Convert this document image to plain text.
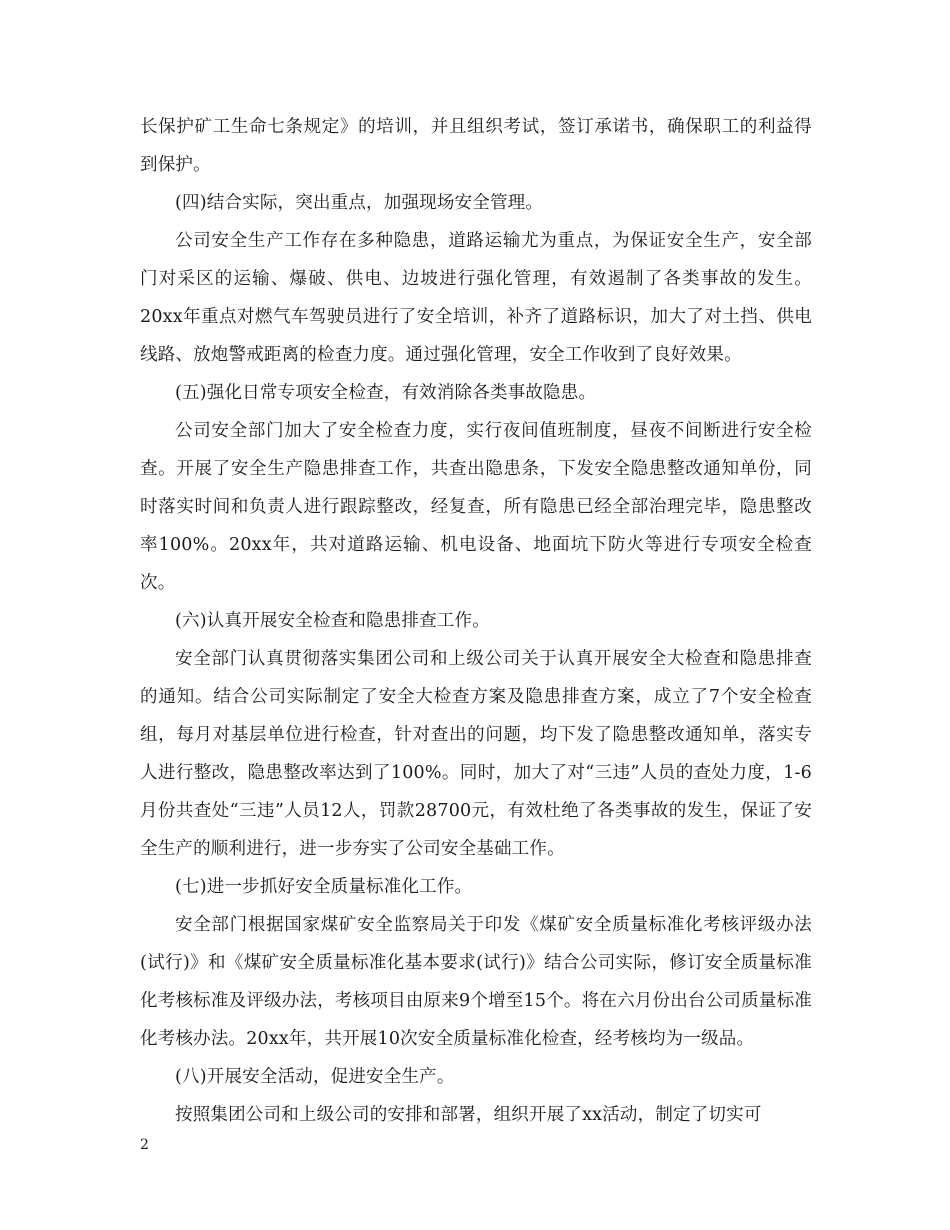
长保护矿工生命七条规定》的培训，并且组织考试，签订承诺书，确保职工的利益得到保护。

(四)结合实际，突出重点，加强现场安全管理。

公司安全生产工作存在多种隐患，道路运输尤为重点，为保证安全生产，安全部门对采区的运输、爆破、供电、边坡进行强化管理，有效遏制了各类事故的发生。20xx年重点对燃气车驾驶员进行了安全培训，补齐了道路标识，加大了对土挡、供电线路、放炮警戒距离的检查力度。通过强化管理，安全工作收到了良好效果。

(五)强化日常专项安全检查，有效消除各类事故隐患。

公司安全部门加大了安全检查力度，实行夜间值班制度，昼夜不间断进行安全检查。开展了安全生产隐患排查工作，共查出隐患条，下发安全隐患整改通知单份，同时落实时间和负责人进行跟踪整改，经复查，所有隐患已经全部治理完毕，隐患整改率100%。20xx年，共对道路运输、机电设备、地面坑下防火等进行专项安全检查次。

(六)认真开展安全检查和隐患排查工作。

安全部门认真贯彻落实集团公司和上级公司关于认真开展安全大检查和隐患排查的通知。结合公司实际制定了安全大检查方案及隐患排查方案，成立了7个安全检查组，每月对基层单位进行检查，针对查出的问题，均下发了隐患整改通知单，落实专人进行整改，隐患整改率达到了100%。同时，加大了对“三违”人员的查处力度，1-6月份共查处“三违”人员12人，罚款28700元，有效杜绝了各类事故的发生，保证了安全生产的顺利进行，进一步夯实了公司安全基础工作。

(七)进一步抓好安全质量标准化工作。

安全部门根据国家煤矿安全监察局关于印发《煤矿安全质量标准化考核评级办法(试行)》和《煤矿安全质量标准化基本要求(试行)》结合公司实际，修订安全质量标准化考核标准及评级办法，考核项目由原来9个增至15个。将在六月份出台公司质量标准化考核办法。20xx年，共开展10次安全质量标准化检查，经考核均为一级品。

(八)开展安全活动，促进安全生产。

按照集团公司和上级公司的安排和部署，组织开展了xx活动，制定了切实可

2
